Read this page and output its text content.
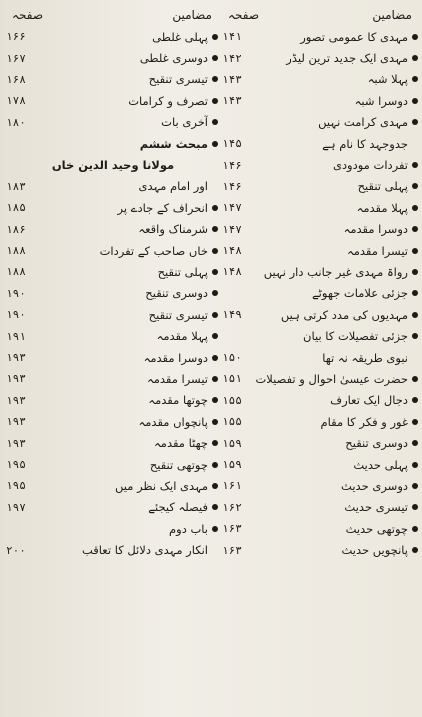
مضامین
صفحہ
پہلی غلطی
۱۶۶
دوسری غلطی
۱۶۷
تیسری تنقیح
۱۶۸
تصرف و کرامات
۱۷۸
آخری بات
۱۸۰
مبحث ششم
مولانا وحید الدین خاں
اور امام مہدی
۱۸۳
انحراف کے جادے پر
۱۸۵
شرمناک واقعہ
۱۸۶
خاں صاحب کے تفردات
۱۸۸
پہلی تنقیح
۱۸۸
دوسری تنقیح
۱۹۰
تیسری تنقیح
۱۹۰
پہلا مقدمہ
۱۹۱
دوسرا مقدمہ
۱۹۳
تیسرا مقدمہ
۱۹۳
چوتھا مقدمہ
۱۹۳
پانچواں مقدمہ
۱۹۳
چھٹا مقدمہ
۱۹۳
چوتھی تنقیح
۱۹۵
مہدی ایک نظر میں
۱۹۵
فیصلہ کیجئے
۱۹۷
باب دوم
انکار مہدی دلائل کا تعاقب
۲۰۰
مضامین
صفحہ
مہدی کا عمومی تصور
۱۴۱
مہدی ایک جدید ترین لیڈر
۱۴۲
پہلا شبہ
۱۴۳
دوسرا شبہ
۱۴۳
مہدی کرامت نہیں
جدوجہد کا نام ہے
۱۴۵
تفردات مودودی
۱۴۶
پہلی تنقیح
۱۴۶
پہلا مقدمہ
۱۴۷
دوسرا مقدمہ
۱۴۷
تیسرا مقدمہ
۱۴۸
رواۃ مہدی غیر جانب دار نہیں
۱۴۸
جزئی علامات جھوٹے
مہدیوں کی مدد کرتی ہیں
۱۴۹
جزئی تفصیلات کا بیان
نبوی طریقہ نہ تھا
۱۵۰
حضرت عیسیٰ احوال و تفصیلات
۱۵۱
دجال ایک تعارف
۱۵۵
غور و فکر کا مقام
۱۵۵
دوسری تنقیح
۱۵۹
پہلی حدیث
۱۵۹
دوسری حدیث
۱۶۱
تیسری حدیث
۱۶۲
چوتھی حدیث
۱۶۳
پانچویں حدیث
۱۶۳
